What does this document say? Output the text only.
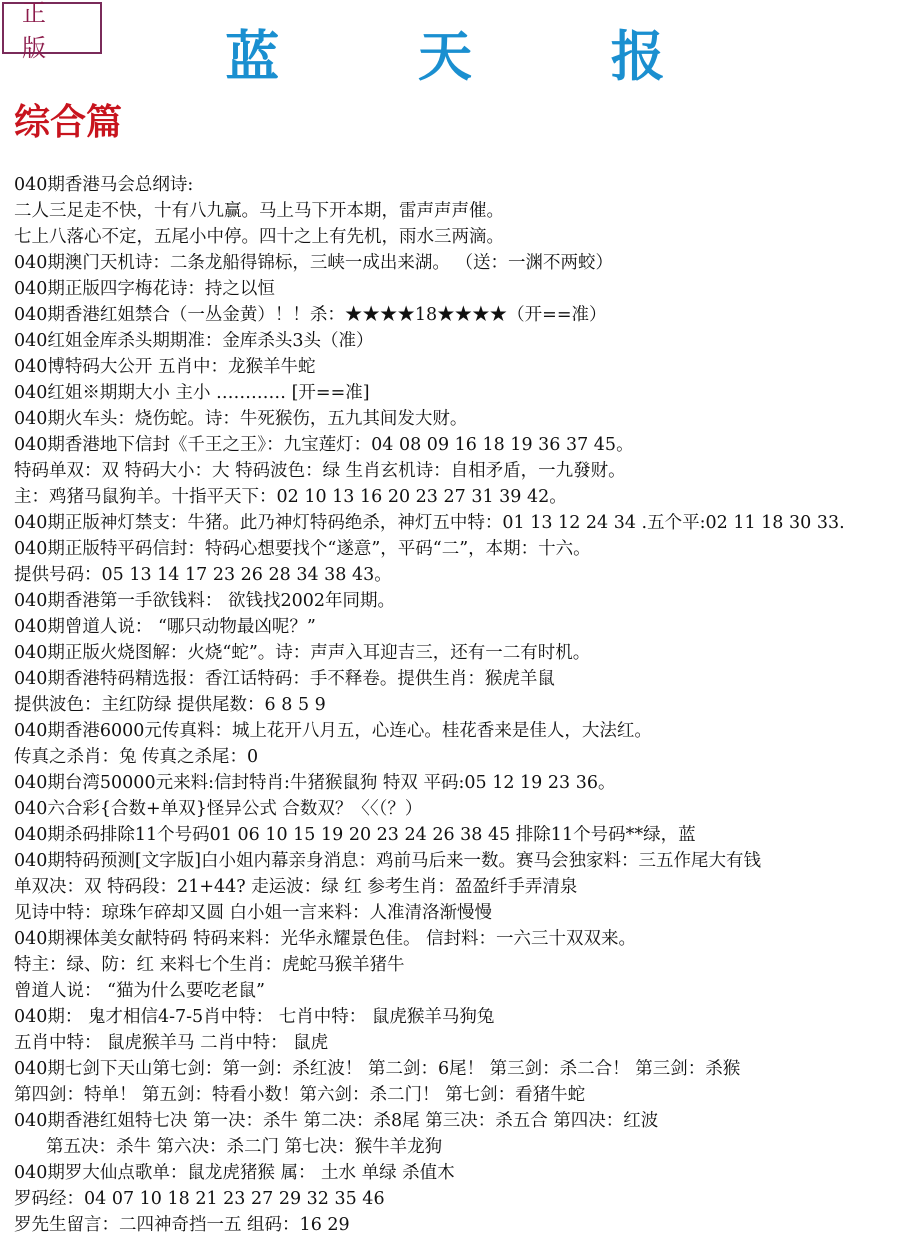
正 版	蓝 天 报
综合篇
040期香港马会总纲诗:
二人三足走不快，十有八九赢。马上马下开本期，雷声声声催。
七上八落心不定，五尾小中停。四十之上有先机，雨水三两滴。
040期澳门天机诗：二条龙船得锦标，三峡一成出来湖。 （送：一渊不两蛟）
040期正版四字梅花诗：持之以恒
040期香港红姐禁合（一丛金黄）！！杀：★★★★18★★★★（开==准）
040红姐金库杀头期期准：金库杀头3头（准）
040博特码大公开 五肖中：龙猴羊牛蛇
040红姐※期期大小 主小 ………… [开==准]
040期火车头：烧伤蛇。诗：牛死猴伤，五九其间发大财。
040期香港地下信封《千王之王》：九宝莲灯：04 08 09 16 18 19 36 37 45。
特码单双：双 特码大小：大 特码波色：绿 生肖玄机诗：自相矛盾，一九發财。
主：鸡猪马鼠狗羊。十指平天下：02 10 13 16 20 23 27 31 39 42。
040期正版神灯禁支：牛猪。此乃神灯特码绝杀，神灯五中特：01 13 12 24 34 .五个平:02 11 18 30 33.
040期正版特平码信封：特码心想要找个“遂意”，平码“二”，本期：十六。
提供号码：05 13 14 17 23 26 28 34 38 43。
040期香港第一手欲钱料： 欲钱找2002年同期。
040期曾道人说： “哪只动物最凶呢？”
040期正版火烧图解：火烧“蛇”。诗：声声入耳迎吉三，还有一二有时机。
040期香港特码精选报：香江话特码：手不释卷。提供生肖：猴虎羊鼠
提供波色：主红防绿 提供尾数：6 8 5 9
040期香港6000元传真料：城上花开八月五，心连心。桂花香来是佳人，大法红。
传真之杀肖：兔 传真之杀尾：0
040期台湾50000元来料:信封特肖:牛猪猴鼠狗 特双 平码:05 12 19 23 36。
040六合彩{合数+单双}怪异公式 合数双？〈〈（？）
040期杀码排除11个号码01 06 10 15 19 20 23 24 26 38 45 排除11个号码**绿，蓝
040期特码预测[文字版]白小姐内幕亲身消息：鸡前马后来一数。赛马会独家料：三五作尾大有钱
单双决：双 特码段：21+44? 走运波：绿 红 参考生肖：盈盈纤手弄清泉
见诗中特：琼珠乍碎却又圆 白小姐一言来料：人准清洛渐慢慢
040期裸体美女献特码 特码来料：光华永耀景色佳。 信封料：一六三十双双来。
特主：绿、防：红 来料七个生肖：虎蛇马猴羊猪牛
曾道人说： “猫为什么要吃老鼠”
040期： 鬼才相信4-7-5肖中特： 七肖中特： 鼠虎猴羊马狗兔
五肖中特： 鼠虎猴羊马 二肖中特： 鼠虎
040期七剑下天山第七剑：第一剑：杀红波！ 第二剑：6尾！ 第三剑：杀二合！ 第三剑：杀猴
第四剑：特单！ 第五剑：特看小数！第六剑：杀二门！ 第七剑：看猪牛蛇
040期香港红姐特七决 第一决：杀牛 第二决：杀8尾 第三决：杀五合 第四决：红波
第五决：杀牛 第六决：杀二门 第七决：猴牛羊龙狗
040期罗大仙点歌单：鼠龙虎猪猴 属： 土水 单绿 杀值木
罗码经：04 07 10 18 21 23 27 29 32 35 46
罗先生留言：二四神奇挡一五 组码：16 29
